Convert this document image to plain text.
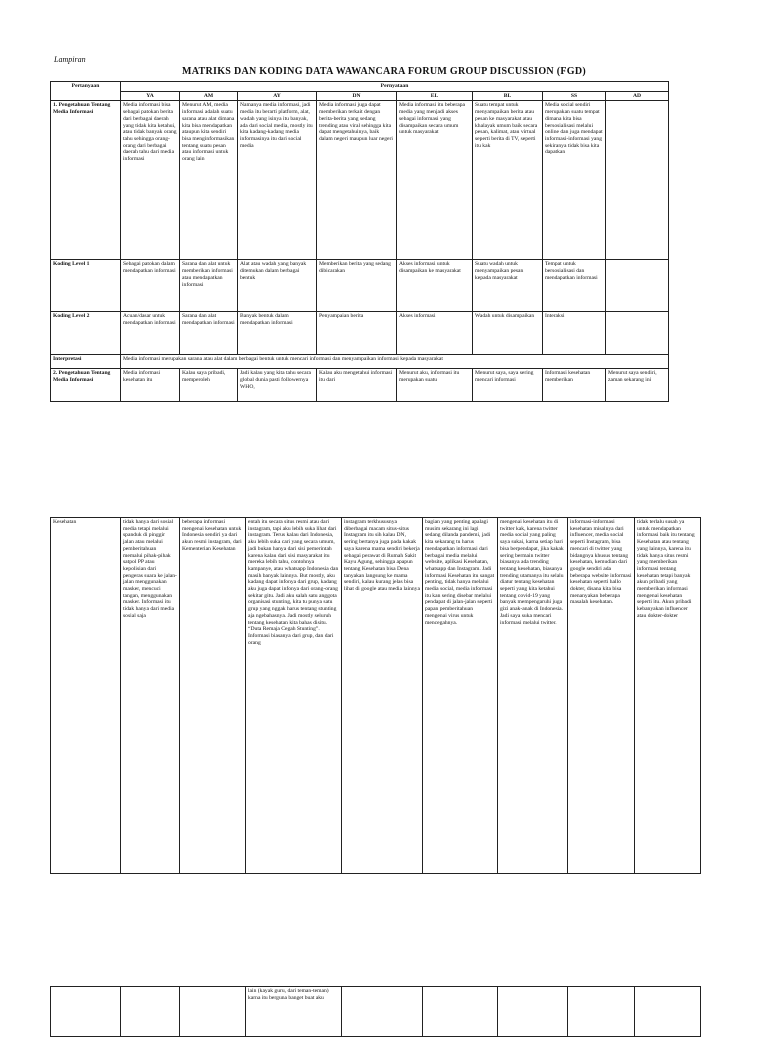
Lampiran
MATRIKS DAN KODING DATA WAWANCARA FORUM GROUP DISCUSSION (FGD)
Pertanyaan	Pernyataan							
	YA	AM	AY	DN	EL	BL	SS	AD
1. Pengetahuan Tentang Media Informasi	Media informasi bisa sebagai patokan berita dari berbagai daerah yang tidak kita ketahui, atau tidak banyak orang tahu sehingga orang-orang dari berbagai daerah tahu dari media informasi	Menurut AM, media informasi adalah suatu sarana atau alat dimana kita bisa mendapatkan ataupun kita sendiri bisa menginformasikan tentang suatu pesan atau informasi untuk orang lain	Namanya media informasi, jadi media itu berarti platform, alat, wadah yang isinya itu banyak, ada dari social media, mostly itu kita kadang-kadang media informasinya itu dari social media	Media informasi juga dapat memberikan terkait dengan berita-berita yang sedang trending atau viral sehingga kita dapat mengetahuinya, baik dalam negeri maupun luar negeri	Media informasi itu beberapa media yang menjadi akses sebagai informasi yang disampaikan secara umum untuk masyarakat	Suatu tempat untuk menyampaikan berita atau pesan ke masyarakat atau khalayak umum baik secara pesan, kalimat, atau virtual seperti berita di TV, seperti itu kak	Media social sendiri merupakan suatu tempat dimana kita bisa bersosialisasi melalui online dan juga mendapat informasi-informasi yang sekiranya tidak bisa kita dapatkan	
Koding Level 1	Sebagai patokan dalam mendapatkan informasi	Sarana dan alat untuk memberikan informasi atau mendapatkan informasi	Alat atau wadah yang banyak ditemukan dalam berbagai bentuk	Memberikan berita yang sedang dibicarakan	Akses informasi untuk disampaikan ke masyarakat	Suatu wadah untuk menyampaikan pesan kepada masyarakat	Tempat untuk bersosialisasi dan mendapatkan informasi	
Koding Level 2	Acuan/dasar untuk mendapatkan informasi	Sarana dan alat mendapatkan informasi	Banyak bentuk dalam mendapatkan informasi	Penyampaian berita	Akses informasi	Wadah untuk disampaikan	Interaksi	
Interpretasi	Media informasi merupakan sarana atau alat dalam berbagai bentuk untuk mencari informasi dan menyampaikan informasi kepada masyarakat							
2. Pengetahuan Tentang Media Informasi	Media informasi kesehatan itu	Kalau saya pribadi, memperoleh	Jadi kalau yang kita tahu secara global dunia pasti followernya WHO,	Kalau aku mengetahui informasi itu dari	Menurut aku, informasi itu merupakan suatu	Menurut saya, saya sering mencari informasi	Informasi kesehatan memberikan	Menurut saya sendiri, zaman sekarang ini
Kesehatan	tidak hanya dari sosial media tetapi melalui spanduk di pinggir jalan atau melalui pemberitahuan memalui pihak-pihak satpol PP atau kepolisian dari pengeras suara ke jalan-jalan menggunakan masker, mencuci tangan, menggunakan masker. Informasi itu tidak hanya dari media sosial saja	beberapa informasi mengenai kesehatan untuk Indonesia sendiri ya dari akun resmi instagram, dari Kementerian Kesehatan	entah itu secara situs resmi atau dari instagram, tapi aku lebih suka lihat dari instagram. Terus kalau dari Indonesia, aku lebih suka cari yang secara umum, jadi bukan hanya dari sisi pemerintah karena kalau dari sisi masyarakat itu mereka lebih tahu, contohnya kampanye, atau whatsapp Indonesia dan masih banyak lainnya. But mostly, aku kadang dapat infonya dari grup, kadang aku juga dapat infonya dari orang-orang sekitar gitu. Jadi aku salah satu anggota organisasi stunting, kita tu punya satu grup yang nggak harus tentang stunting aja ngebahasnya. Jadi mostly seluruh tentang kesehatan kita bahas disitu. “Duta Remaja Cegah Stunting”. Informasi biasanya dari grup, dan dari orang	instagram terkhususnya diberbagai macam situs-situs Instagram itu sih kalau DN, sering bertanya juga pada kakak saya karena mama sendiri bekerja sebagai perawat di Rumah Sakit Kayu Agung, sehingga apapun tentang Kesehatan bisa Dena tanyakan langsung ke mama sendiri, kalau kurang jelas bisa lihat di google atau media lainnya	bagian yang penting apalagi musim sekarang ini lagi sedang dilanda pandemi, jadi kita sekarang tu harus mendapatkan informasi dari berbagai media melalui website, aplikasi Kesehatan, whatsapp dan Instagram. Jadi informasi Kesehatan itu sangat penting, tidak hanya melalui media social, media informasi itu kan sering disebar melalui pendapat di jalan-jalan seperti papan pemberitahuan mengenai virus untuk mencegahnya.	mengenai kesehatan itu di twitter kak, karena twitter media social yang paling saya sukai, karna setiap hari bisa berpendapat, jika kakak sering bermain twitter biasanya ada trending tentang kesehatan, biasanya trending utamanya itu selalu diatur tentang kesehatan seperti yang kita ketahui tentang covid-19 yang banyak mempengaruhi juga gizi anak-anak di Indonesia. Jadi saya suka mencari informasi melalui twitter.	informasi-informasi kesehatan misalnya dari influencer, media social seperti Instagram, bisa mencari di twitter yang bidangnya khusus tentang kesehatan, kemudian dari google sendiri ada beberapa website informasi kesehatan seperti hallo dokter, disana kita bisa menanyakan beberapa masalah kesehatan.	tidak terlalu susah ya untuk mendapatkan informasi baik itu tentang Kesehatan atau tentang yang lainnya, karena itu tidak hanya situs resmi yang memberikan informasi tentang kesehatan tetapi banyak akun pribadi yang memberikan informasi mengenai kesehatan seperti itu. Akun pribadi kebanyakan influencer atau dokter-dokter
			lain (kayak guru, dari teman-teman) karna itu berguna banget buat aku					
